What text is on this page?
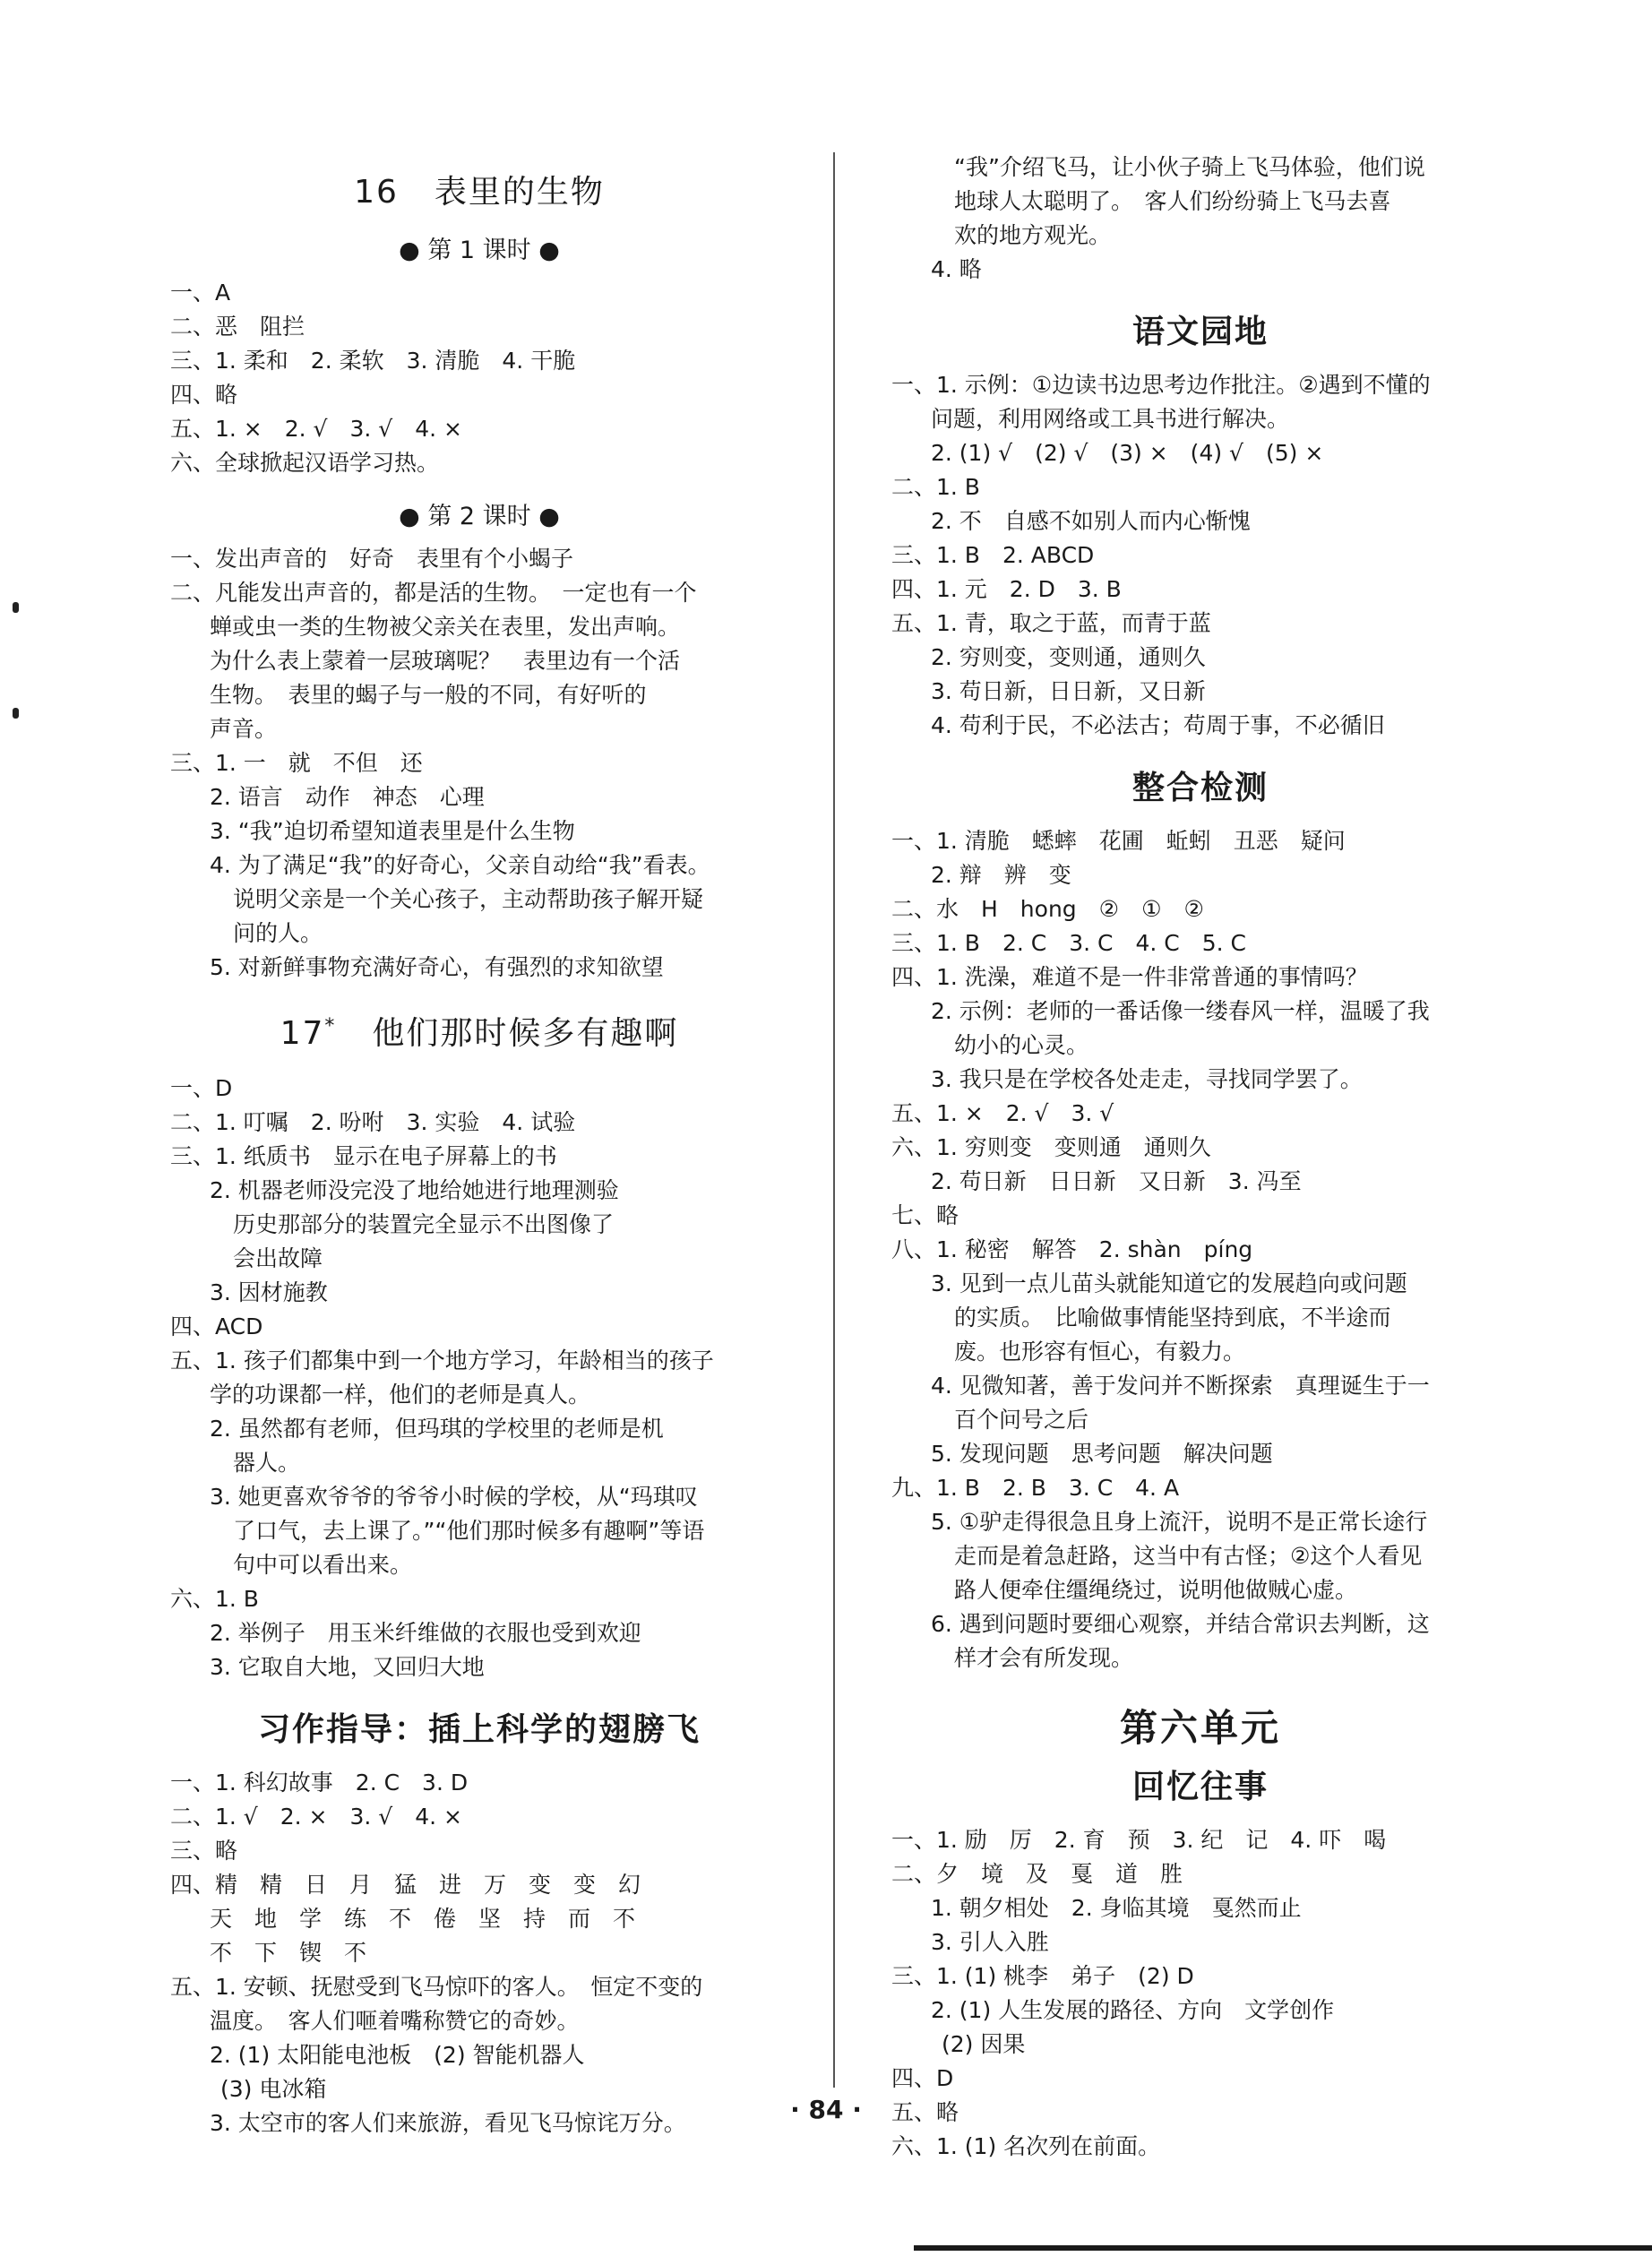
16 表里的生物
● 第 1 课时 ●
一、A
二、恶　阻拦
三、1. 柔和　2. 柔软　3. 清脆　4. 干脆
四、略
五、1. ×　2. √　3. √　4. ×
六、全球掀起汉语学习热。
● 第 2 课时 ●
一、发出声音的　好奇　表里有个小蝎子
二、凡能发出声音的，都是活的生物。　一定也有一个
蝉或虫一类的生物被父亲关在表里，发出声响。
为什么表上蒙着一层玻璃呢？　表里边有一个活
生物。　表里的蝎子与一般的不同，有好听的
声音。
三、1. 一　就　不但　还
2. 语言　动作　神态　心理
3. “我”迫切希望知道表里是什么生物
4. 为了满足“我”的好奇心，父亲自动给“我”看表。
说明父亲是一个关心孩子，主动帮助孩子解开疑
问的人。
5. 对新鲜事物充满好奇心，有强烈的求知欲望
17* 他们那时候多有趣啊
一、D
二、1. 叮嘱　2. 吩咐　3. 实验　4. 试验
三、1. 纸质书　显示在电子屏幕上的书
2. 机器老师没完没了地给她进行地理测验
历史那部分的装置完全显示不出图像了
会出故障
3. 因材施教
四、ACD
五、1. 孩子们都集中到一个地方学习，年龄相当的孩子
学的功课都一样，他们的老师是真人。
2. 虽然都有老师，但玛琪的学校里的老师是机
器人。
3. 她更喜欢爷爷的爷爷小时候的学校，从“玛琪叹
了口气，去上课了。”“他们那时候多有趣啊”等语
句中可以看出来。
六、1. B
2. 举例子　用玉米纤维做的衣服也受到欢迎
3. 它取自大地，又回归大地
习作指导：插上科学的翅膀飞
一、1. 科幻故事　2. C　3. D
二、1. √　2. ×　3. √　4. ×
三、略
四、精　精　日　月　猛　进　万　变　变　幻
天　地　学　练　不　倦　坚　持　而　不
不　下　锲　不
五、1. 安顿、抚慰受到飞马惊吓的客人。　恒定不变的
温度。　客人们咂着嘴称赞它的奇妙。
2. (1) 太阳能电池板　(2) 智能机器人
(3) 电冰箱
3. 太空市的客人们来旅游，看见飞马惊诧万分。
“我”介绍飞马，让小伙子骑上飞马体验，他们说
地球人太聪明了。　客人们纷纷骑上飞马去喜
欢的地方观光。
4. 略
语文园地
一、1. 示例：①边读书边思考边作批注。②遇到不懂的
问题，利用网络或工具书进行解决。
2. (1) √　(2) √　(3) ×　(4) √　(5) ×
二、1. B
2. 不　自感不如别人而内心惭愧
三、1. B　2. ABCD
四、1. 元　2. D　3. B
五、1. 青，取之于蓝，而青于蓝
2. 穷则变，变则通，通则久
3. 苟日新，日日新，又日新
4. 苟利于民，不必法古；苟周于事，不必循旧
整合检测
一、1. 清脆　蟋蟀　花圃　蚯蚓　丑恶　疑问
2. 辩　辨　变
二、水　H　hong　②　①　②
三、1. B　2. C　3. C　4. C　5. C
四、1. 洗澡，难道不是一件非常普通的事情吗？
2. 示例：老师的一番话像一缕春风一样，温暖了我
幼小的心灵。
3. 我只是在学校各处走走，寻找同学罢了。
五、1. ×　2. √　3. √
六、1. 穷则变　变则通　通则久
2. 苟日新　日日新　又日新　3. 冯至
七、略
八、1. 秘密　解答　2. shàn　píng
3. 见到一点儿苗头就能知道它的发展趋向或问题
的实质。　比喻做事情能坚持到底，不半途而
废。也形容有恒心，有毅力。
4. 见微知著，善于发问并不断探索　真理诞生于一
百个问号之后
5. 发现问题　思考问题　解决问题
九、1. B　2. B　3. C　4. A
5. ①驴走得很急且身上流汗，说明不是正常长途行
走而是着急赶路，这当中有古怪；②这个人看见
路人便牵住缰绳绕过，说明他做贼心虚。
6. 遇到问题时要细心观察，并结合常识去判断，这
样才会有所发现。
第六单元
回忆往事
一、1. 励　厉　2. 育　预　3. 纪　记　4. 吓　喝
二、夕　境　及　戛　道　胜
1. 朝夕相处　2. 身临其境　戛然而止
3. 引人入胜
三、1. (1) 桃李　弟子　(2) D
2. (1) 人生发展的路径、方向　文学创作
(2) 因果
四、D
五、略
六、1. (1) 名次列在前面。
· 84 ·
